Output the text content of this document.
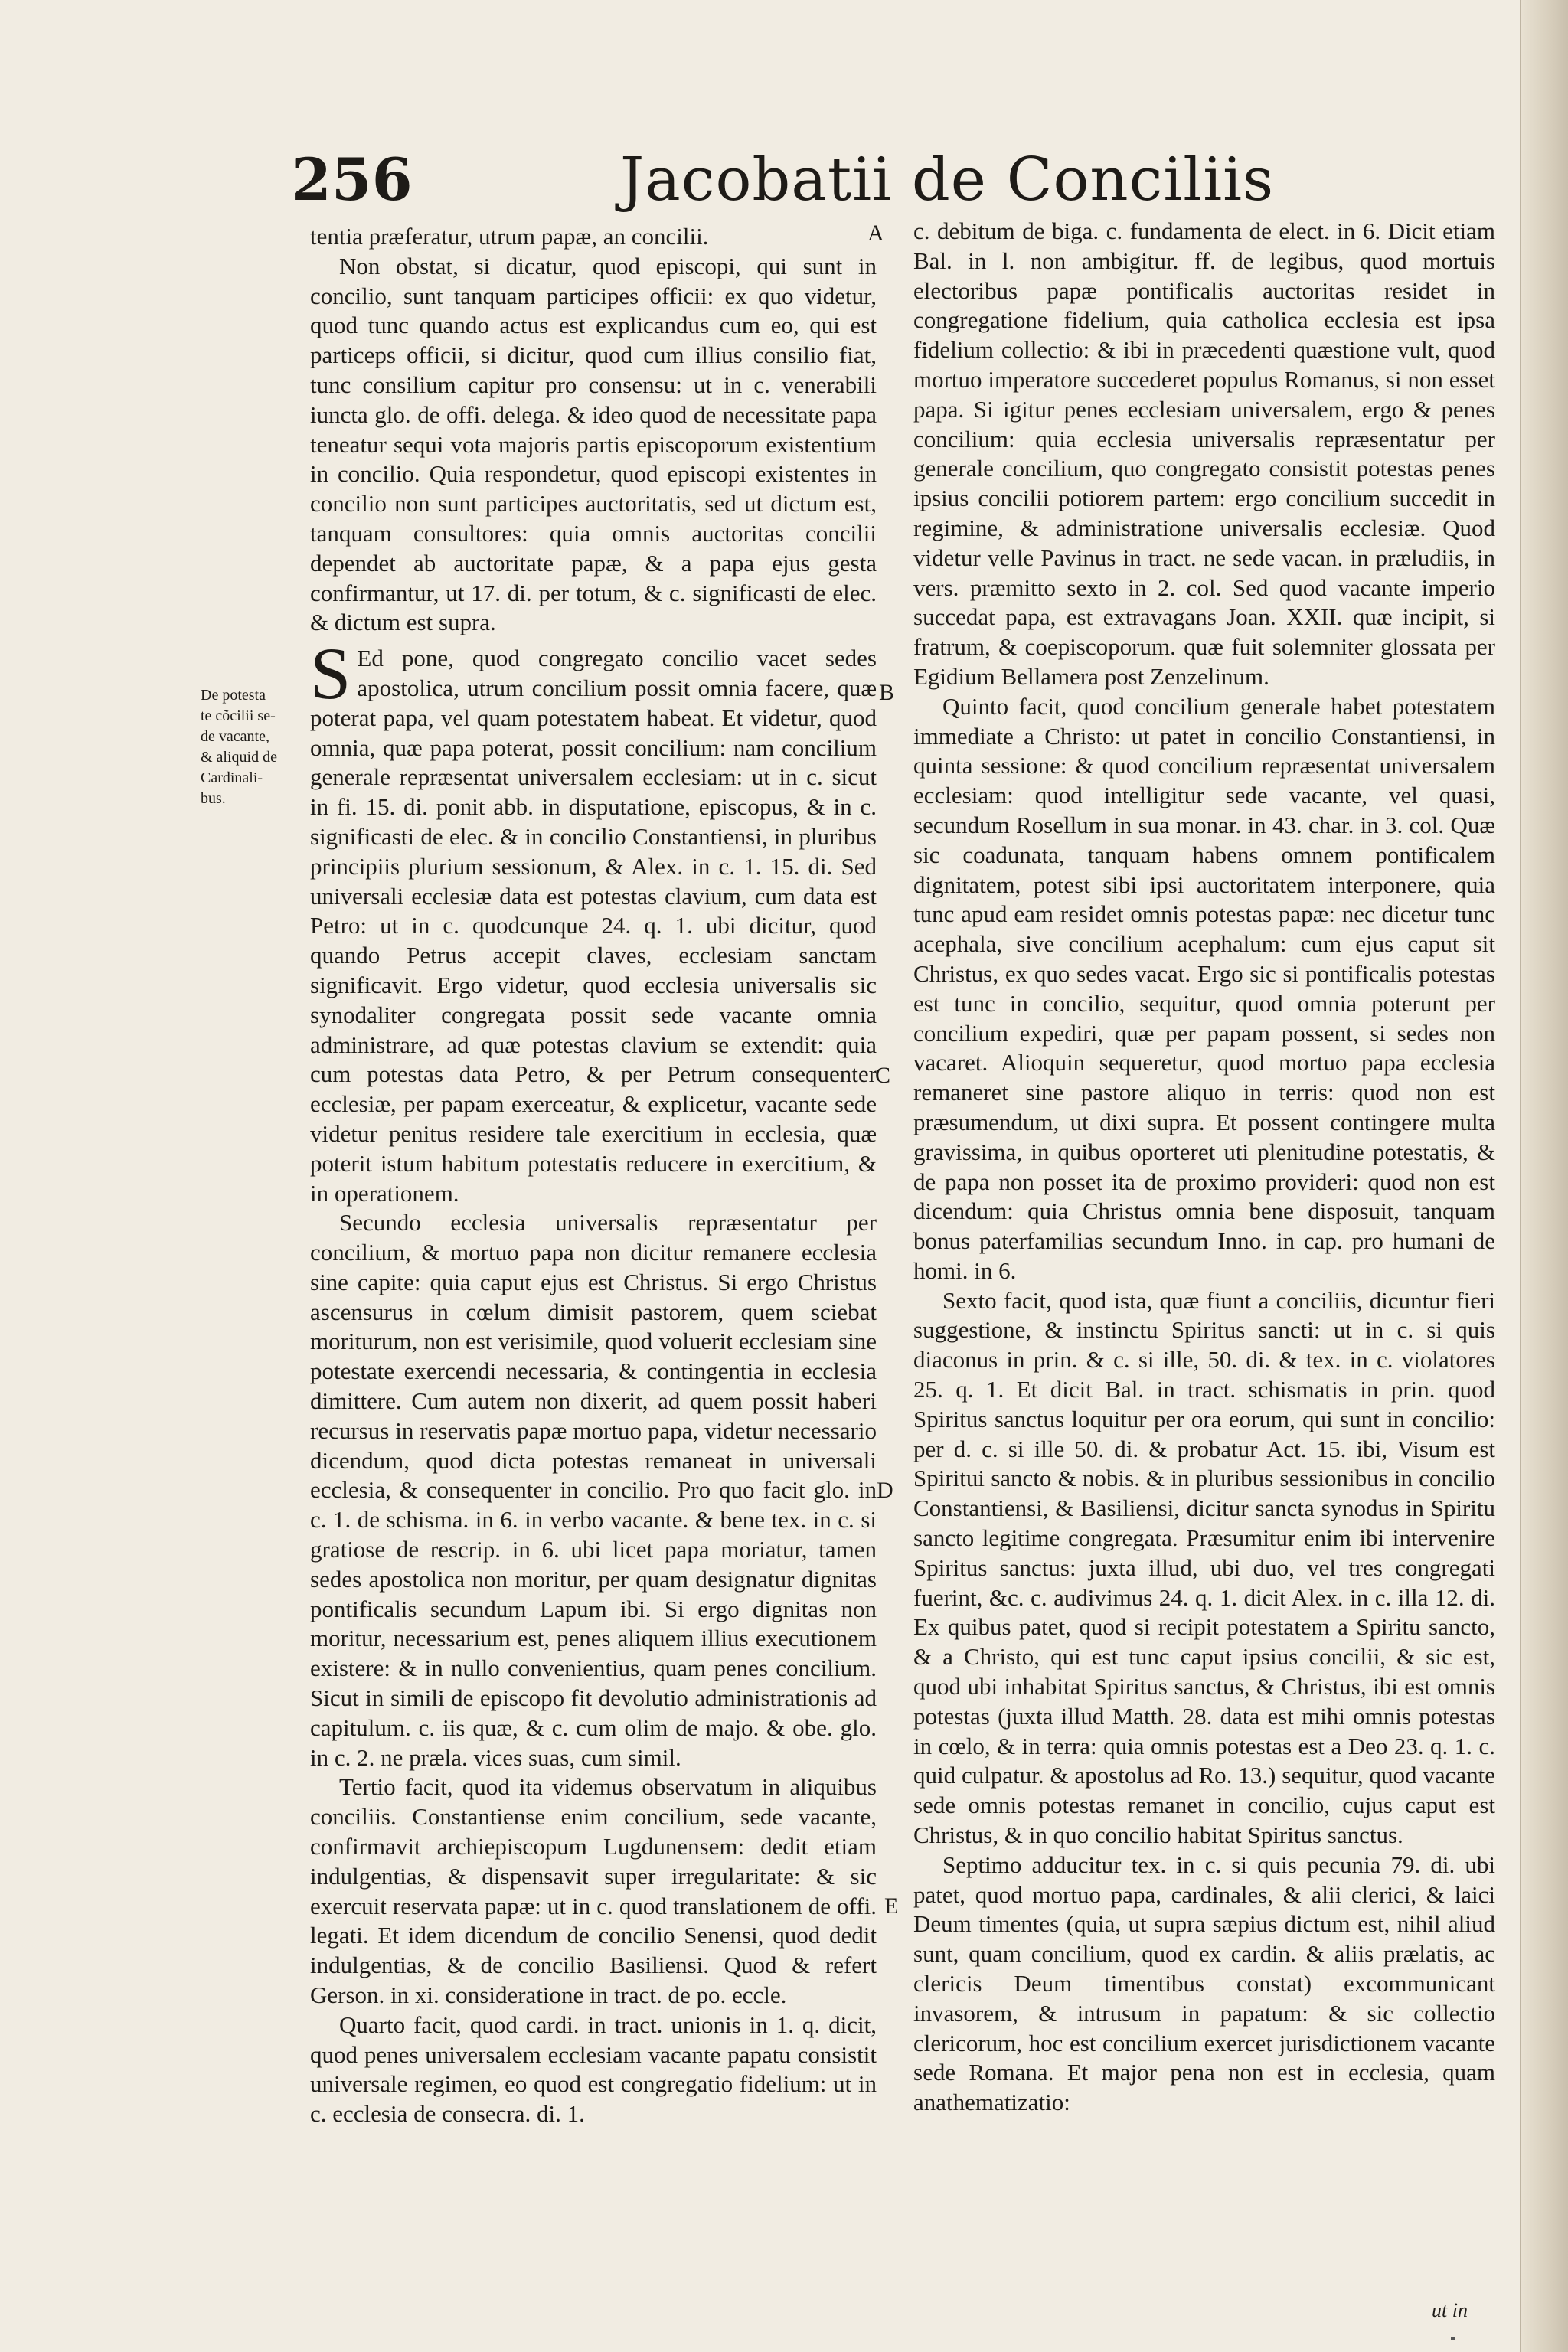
256	Jacobatii de Conciliis
De potesta
te cõcilii se-
de vacante,
& aliquid de
Cardinali-
bus.

tentia præferatur, utrum papæ, an concilii.

Non obstat, si dicatur, quod episcopi, qui sunt in concilio, sunt tanquam participes officii: ex quo videtur, quod tunc quando actus est explicandus cum eo, qui est particeps officii, si dicitur, quod cum illius consilio fiat, tunc consilium capitur pro consensu: ut in c. venerabili iuncta glo. de offi. delega. & ideo quod de necessitate papa teneatur sequi vota majoris partis episcoporum existentium in concilio. Quia respondetur, quod episcopi existentes in concilio non sunt participes auctoritatis, sed ut dictum est, tanquam consultores: quia omnis auctoritas concilii dependet ab auctoritate papæ, & a papa ejus gesta confirmantur, ut 17. di. per totum, & c. significasti de elec. & dictum est supra.

S Ed pone, quod congregato concilio vacet sedes apostolica, utrum concilium possit omnia facere, quæ poterat papa, vel quam potestatem habeat. Et videtur, quod omnia, quæ papa poterat, possit concilium: nam concilium generale repræsentat universalem ecclesiam: ut in c. sicut in fi. 15. di. ponit abb. in disputatione, episcopus, & in c. significasti de elec. & in concilio Constantiensi, in pluribus principiis plurium sessionum, & Alex. in c. 1. 15. di. Sed universali ecclesiæ data est potestas clavium, cum data est Petro: ut in c. quodcunque 24. q. 1. ubi dicitur, quod quando Petrus accepit claves, ecclesiam sanctam significavit. Ergo videtur, quod ecclesia universalis sic synodaliter congregata possit sede vacante omnia administrare, ad quæ potestas clavium se extendit: quia cum potestas data Petro, & per Petrum consequenter ecclesiæ, per papam exerceatur, & explicetur, vacante sede videtur penitus residere tale exercitium in ecclesia, quæ poterit istum habitum potestatis reducere in exercitium, & in operationem.

Secundo ecclesia universalis repræsentatur per concilium, & mortuo papa non dicitur remanere ecclesia sine capite: quia caput ejus est Christus. Si ergo Christus ascensurus in cœlum dimisit pastorem, quem sciebat moriturum, non est verisimile, quod voluerit ecclesiam sine potestate exercendi necessaria, & contingentia in ecclesia dimittere. Cum autem non dixerit, ad quem possit haberi recursus in reservatis papæ mortuo papa, videtur necessario dicendum, quod dicta potestas remaneat in universali ecclesia, & consequenter in concilio. Pro quo facit glo. in c. 1. de schisma. in 6. in verbo vacante. & bene tex. in c. si gratiose de rescrip. in 6. ubi licet papa moriatur, tamen sedes apostolica non moritur, per quam designatur dignitas pontificalis secundum Lapum ibi. Si ergo dignitas non moritur, necessarium est, penes aliquem illius executionem existere: & in nullo convenientius, quam penes concilium. Sicut in simili de episcopo fit devolutio administrationis ad capitulum. c. iis quæ, & c. cum olim de majo. & obe. glo. in c. 2. ne præla. vices suas, cum simil.

Tertio facit, quod ita videmus observatum in aliquibus conciliis. Constantiense enim concilium, sede vacante, confirmavit archiepiscopum Lugdunensem: dedit etiam indulgentias, & dispensavit super irregularitate: & sic exercuit reservata papæ: ut in c. quod translationem de offi. legati. Et idem dicendum de concilio Senensi, quod dedit indulgentias, & de concilio Basiliensi. Quod & refert Gerson. in xi. consideratione in tract. de po. eccle.

Quarto facit, quod cardi. in tract. unionis in 1. q. dicit, quod penes universalem ecclesiam vacante papatu consistit universale regimen, eo quod est congregatio fidelium: ut in c. ecclesia de consecra. di. 1.

c. debitum de biga. c. fundamenta de elect. in 6. Dicit etiam Bal. in l. non ambigitur. ff. de legibus, quod mortuis electoribus papæ pontificalis auctoritas residet in congregatione fidelium, quia catholica ecclesia est ipsa fidelium collectio: & ibi in præcedenti quæstione vult, quod mortuo imperatore succederet populus Romanus, si non esset papa. Si igitur penes ecclesiam universalem, ergo & penes concilium: quia ecclesia universalis repræsentatur per generale concilium, quo congregato consistit potestas penes ipsius concilii potiorem partem: ergo concilium succedit in regimine, & administratione universalis ecclesiæ. Quod videtur velle Pavinus in tract. ne sede vacan. in præludiis, in vers. præmitto sexto in 2. col. Sed quod vacante imperio succedat papa, est extravagans Joan. XXII. quæ incipit, si fratrum, & coepiscoporum. quæ fuit solemniter glossata per Egidium Bellamera post Zenzelinum.

Quinto facit, quod concilium generale habet potestatem immediate a Christo: ut patet in concilio Constantiensi, in quinta sessione: & quod concilium repræsentat universalem ecclesiam: quod intelligitur sede vacante, vel quasi, secundum Rosellum in sua monar. in 43. char. in 3. col. Quæ sic coadunata, tanquam habens omnem pontificalem dignitatem, potest sibi ipsi auctoritatem interponere, quia tunc apud eam residet omnis potestas papæ: nec dicetur tunc acephala, sive concilium acephalum: cum ejus caput sit Christus, ex quo sedes vacat. Ergo sic si pontificalis potestas est tunc in concilio, sequitur, quod omnia poterunt per concilium expediri, quæ per papam possent, si sedes non vacaret. Alioquin sequeretur, quod mortuo papa ecclesia remaneret sine pastore aliquo in terris: quod non est præsumendum, ut dixi supra. Et possent contingere multa gravissima, in quibus oporteret uti plenitudine potestatis, & de papa non posset ita de proximo provideri: quod non est dicendum: quia Christus omnia bene disposuit, tanquam bonus paterfamilias secundum Inno. in cap. pro humani de homi. in 6.

Sexto facit, quod ista, quæ fiunt a conciliis, dicuntur fieri suggestione, & instinctu Spiritus sancti: ut in c. si quis diaconus in prin. & c. si ille, 50. di. & tex. in c. violatores 25. q. 1. Et dicit Bal. in tract. schismatis in prin. quod Spiritus sanctus loquitur per ora eorum, qui sunt in concilio: per d. c. si ille 50. di. & probatur Act. 15. ibi, Visum est Spiritui sancto & nobis. & in pluribus sessionibus in concilio Constantiensi, & Basiliensi, dicitur sancta synodus in Spiritu sancto legitime congregata. Præsumitur enim ibi intervenire Spiritus sanctus: juxta illud, ubi duo, vel tres congregati fuerint, &c. c. audivimus 24. q. 1. dicit Alex. in c. illa 12. di. Ex quibus patet, quod si recipit potestatem a Spiritu sancto, & a Christo, qui est tunc caput ipsius concilii, & sic est, quod ubi inhabitat Spiritus sanctus, & Christus, ibi est omnis potestas (juxta illud Matth. 28. data est mihi omnis potestas in cœlo, & in terra: quia omnis potestas est a Deo 23. q. 1. c. quid culpatur. & apostolus ad Ro. 13.) sequitur, quod vacante sede omnis potestas remanet in concilio, cujus caput est Christus, & in quo concilio habitat Spiritus sanctus.

Septimo adducitur tex. in c. si quis pecunia 79. di. ubi patet, quod mortuo papa, cardinales, & alii clerici, & laici Deum timentes (quia, ut supra sæpius dictum est, nihil aliud sunt, quam concilium, quod ex cardin. & aliis prælatis, ac clericis Deum timentibus constat) excommunicant invasorem, & intrusum in papatum: & sic collectio clericorum, hoc est concilium exercet jurisdictionem vacante sede Romana. Et major pena non est in ecclesia, quam anathematizatio:

A
B
C
D
E
ut in
